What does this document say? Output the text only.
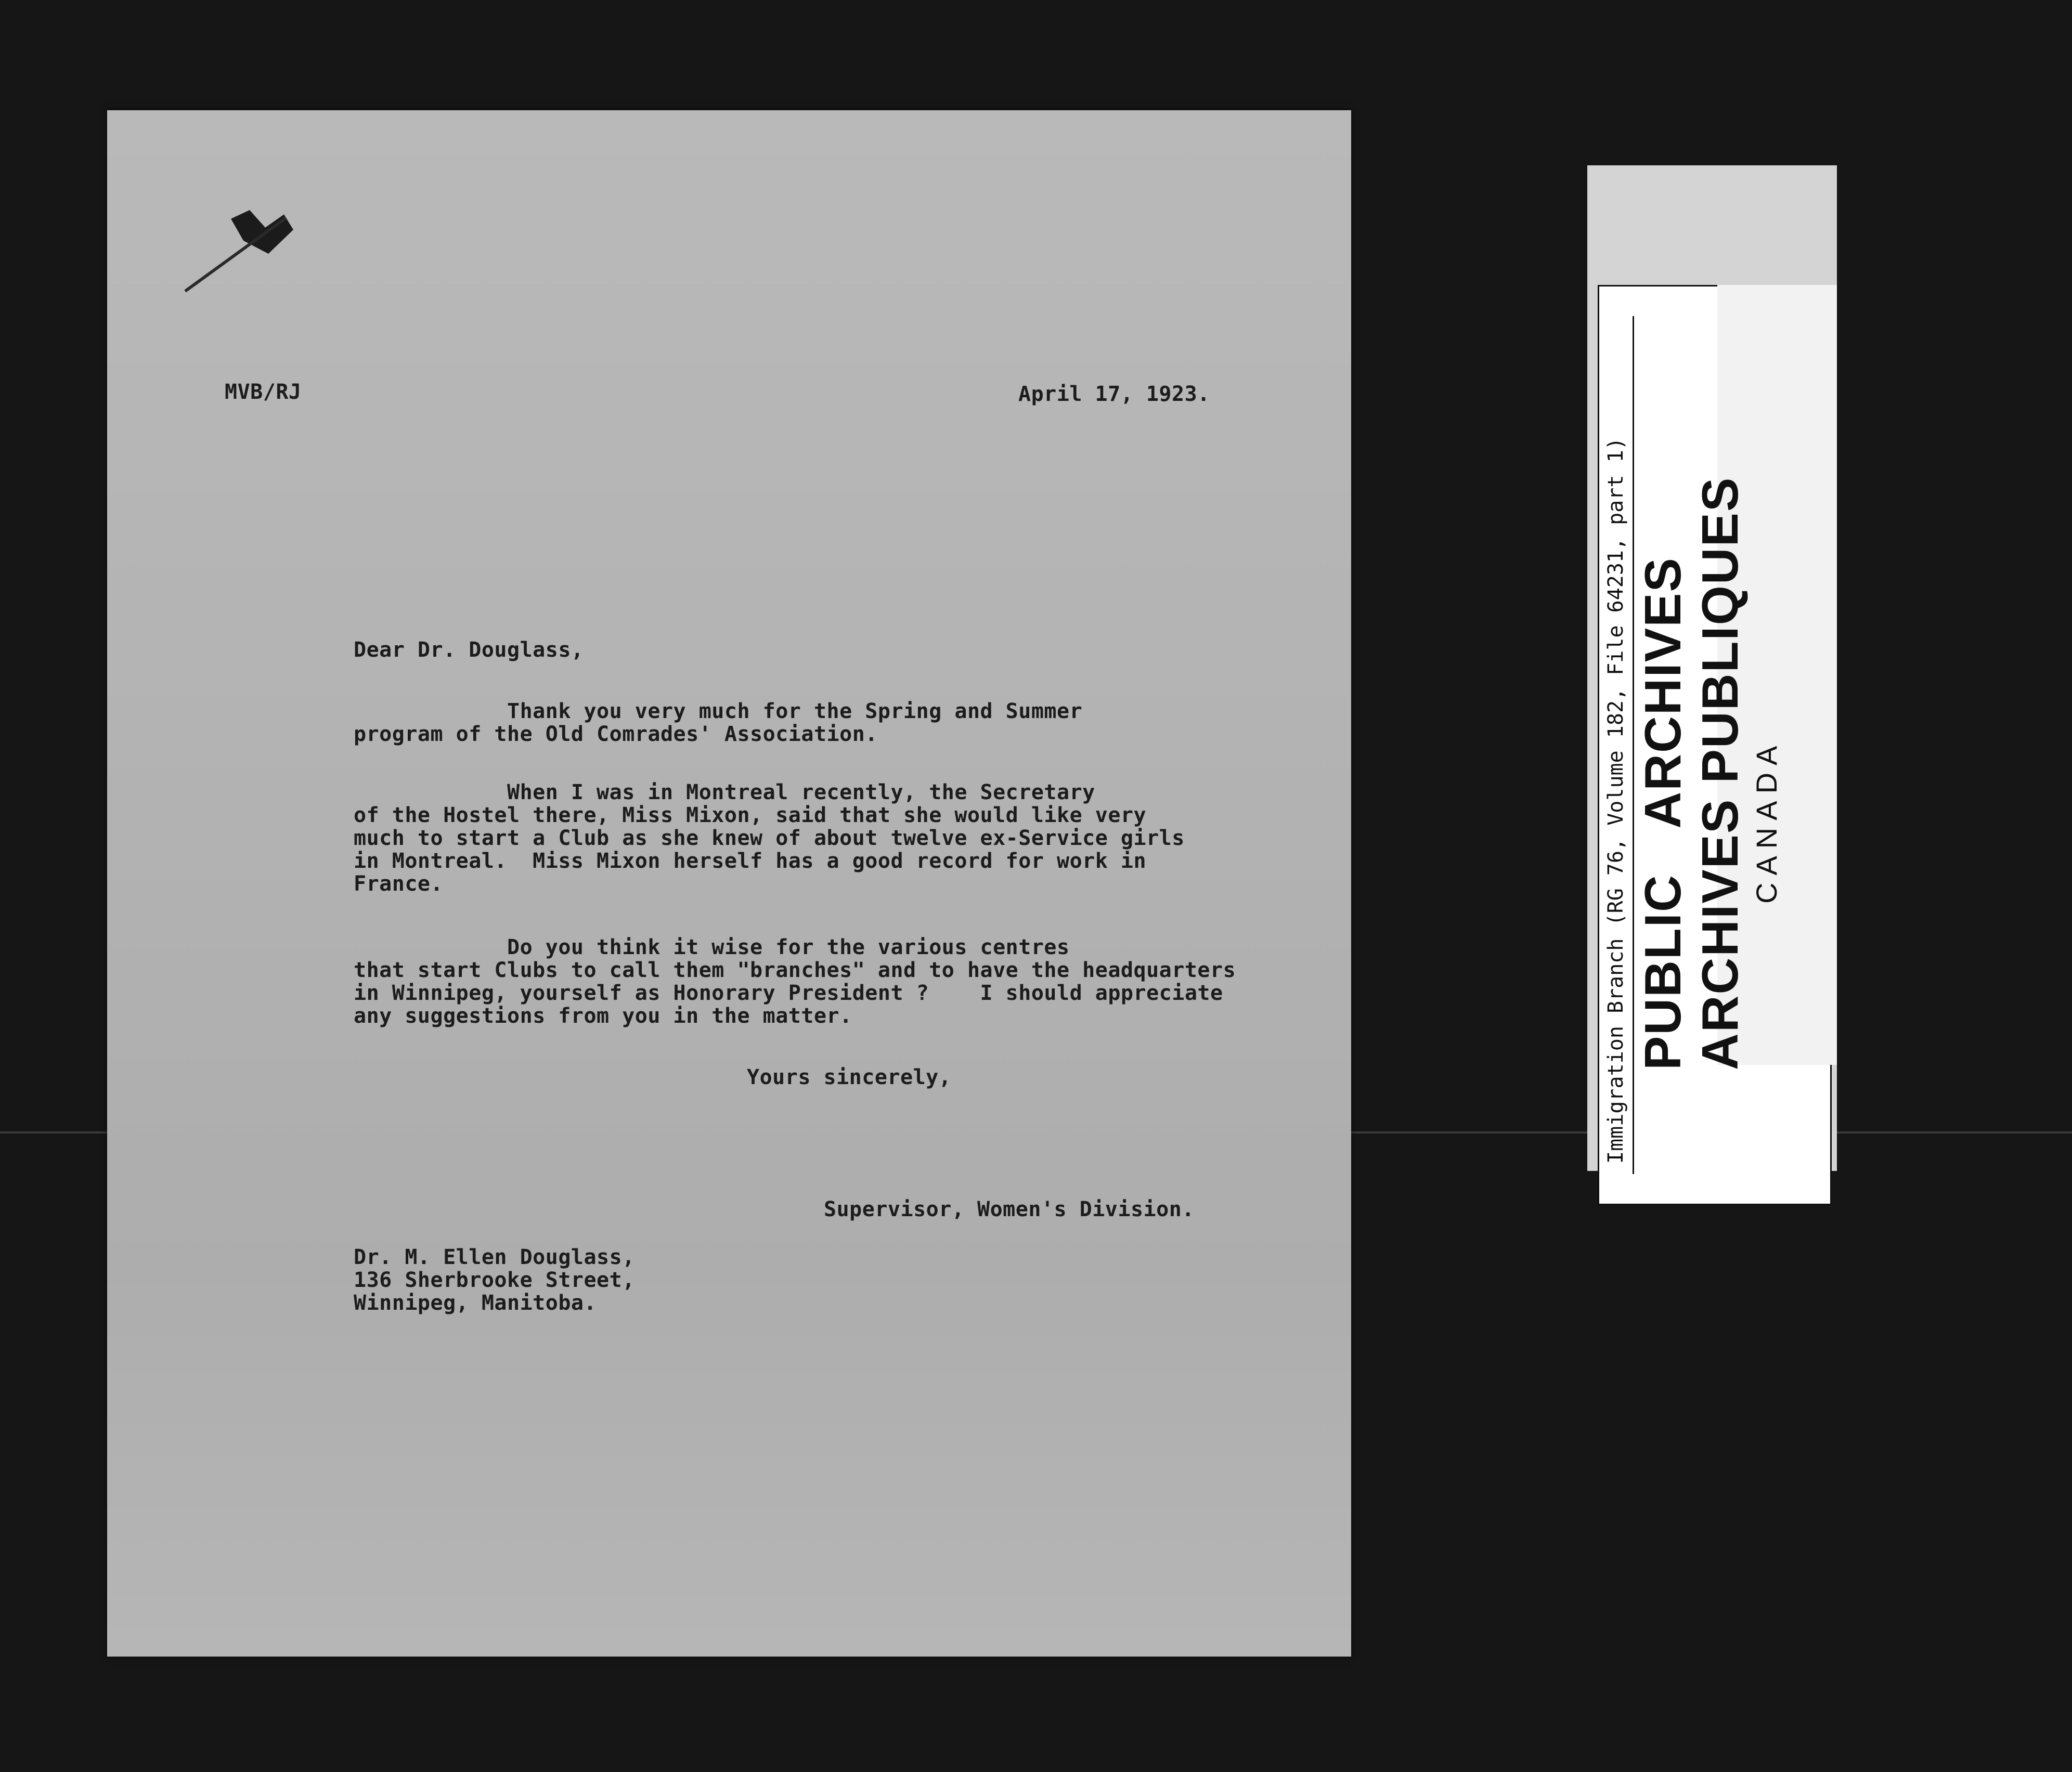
MVB/RJ	April 17, 1923.
Dear Dr. Douglass,
Thank you very much for the Spring and Summer
program of the Old Comrades' Association.
When I was in Montreal recently, the Secretary
of the Hostel there, Miss Mixon, said that she would like very
much to start a Club as she knew of about twelve ex-Service girls
in Montreal.  Miss Mixon herself has a good record for work in
France.
Do you think it wise for the various centres
that start Clubs to call them "branches" and to have the headquarters
in Winnipeg, yourself as Honorary President ?    I should appreciate
any suggestions from you in the matter.
Yours sincerely,
Supervisor, Women's Division.
Dr. M. Ellen Douglass,
136 Sherbrooke Street,
Winnipeg, Manitoba.
Immigration Branch (RG 76, Volume 182, File 64231, part 1) PUBLIC

ARCHIVES
ARCHIVES

PUBLIQUES
CANADA
